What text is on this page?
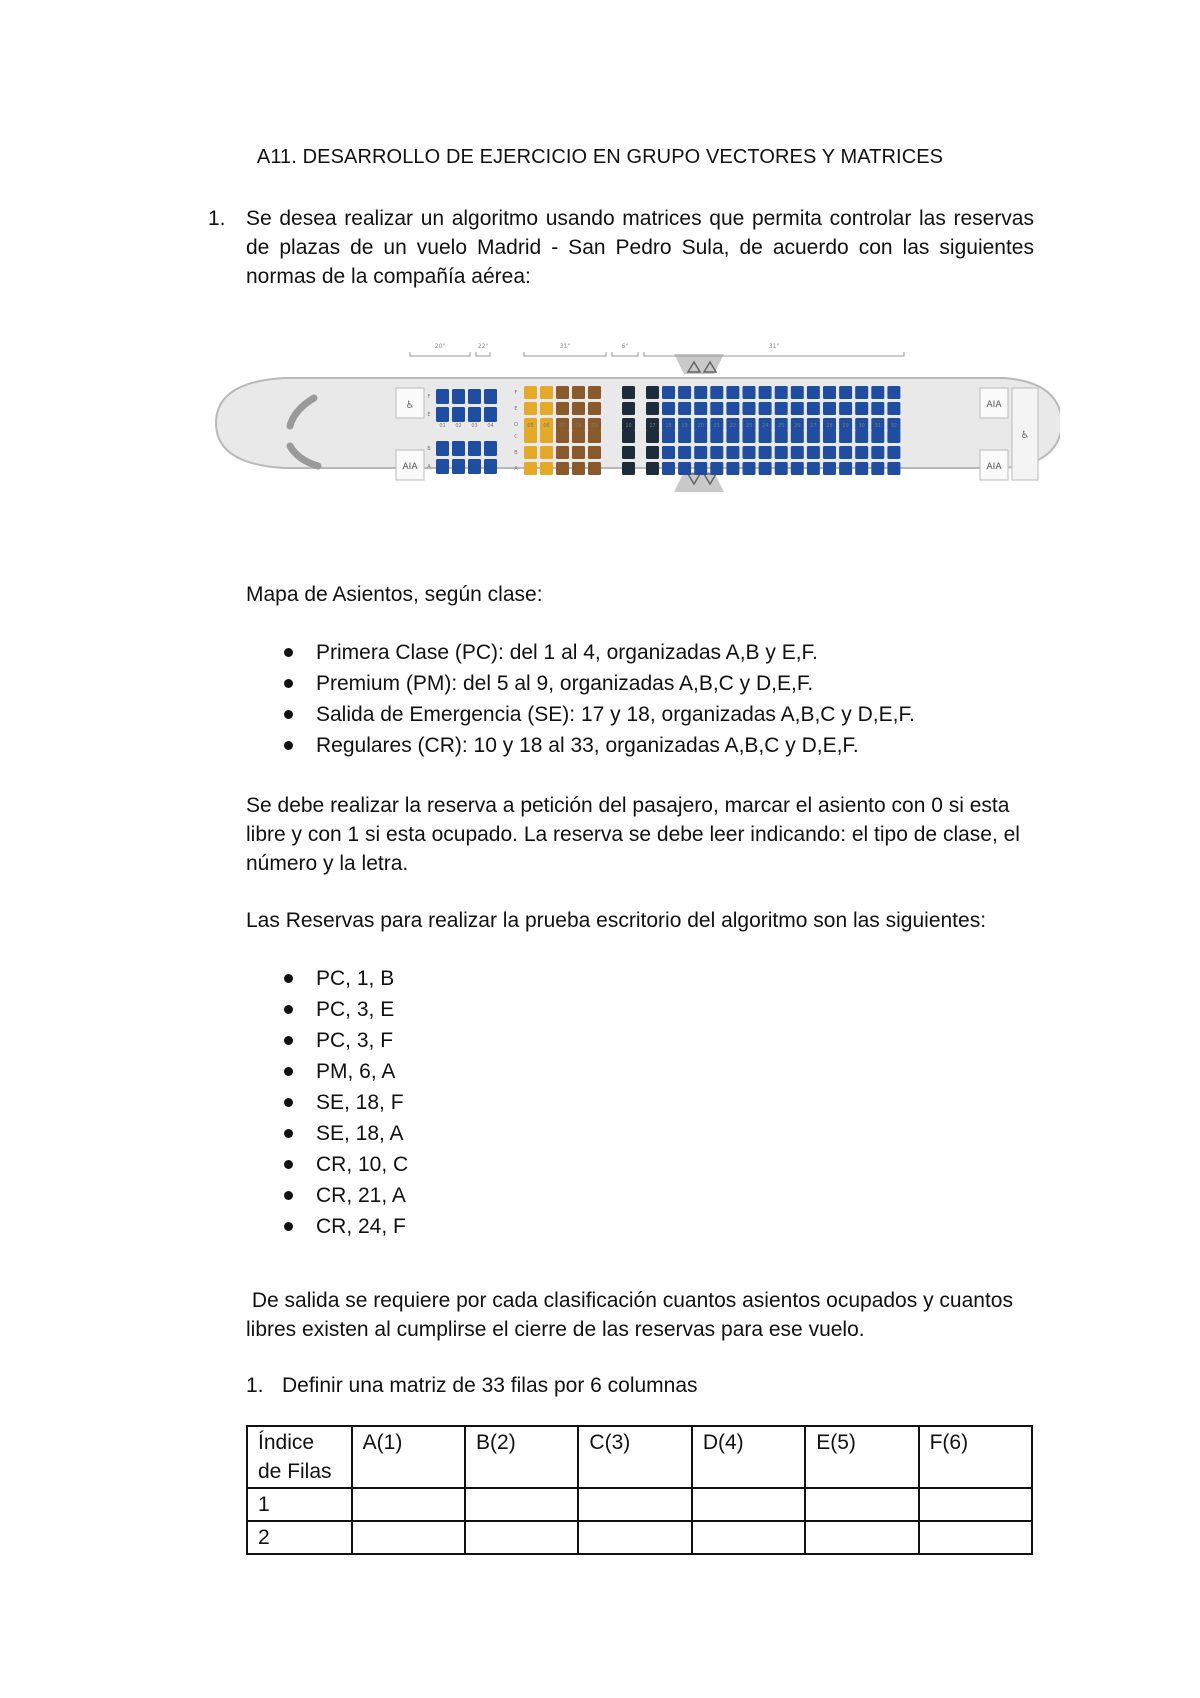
A11. DESARROLLO DE EJERCICIO EN GRUPO VECTORES Y MATRICES
1. Se desea realizar un algoritmo usando matrices que permita controlar las reservas de plazas de un vuelo Madrid - San Pedro Sula, de acuerdo con las siguientes normas de la compañía aérea:
♿
AIA
AIA
AIA
♿
20"	22"	31"	6"	31"
01 02 03 04	05 06 07 08 09	10	17 18 19 20 21 22 23 24 25 26 27 28 29 30 31 32
F
E
B
A
F
E
D
C
B
A
Mapa de Asientos, según clase:
Primera Clase (PC): del 1 al 4, organizadas A,B y E,F.
Premium (PM): del 5 al 9, organizadas A,B,C y D,E,F.
Salida de Emergencia (SE): 17 y 18, organizadas A,B,C y D,E,F.
Regulares (CR): 10 y 18 al 33, organizadas A,B,C y D,E,F.
Se debe realizar la reserva a petición del pasajero, marcar el asiento con 0 si esta libre y con 1 si esta ocupado. La reserva se debe leer indicando: el tipo de clase, el número y la letra.
Las Reservas para realizar la prueba escritorio del algoritmo son las siguientes:
PC, 1, B
PC, 3, E
PC, 3, F
PM, 6, A
SE, 18, F
SE, 18, A
CR, 10, C
CR, 21, A
CR, 24, F
De salida se requiere por cada clasificación cuantos asientos ocupados y cuantos libres existen al cumplirse el cierre de las reservas para ese vuelo.
1. Definir una matriz de 33 filas por 6 columnas
Índice de Filas	A(1)	B(2)	C(3)	D(4)	E(5)	F(6)
1						
2						
